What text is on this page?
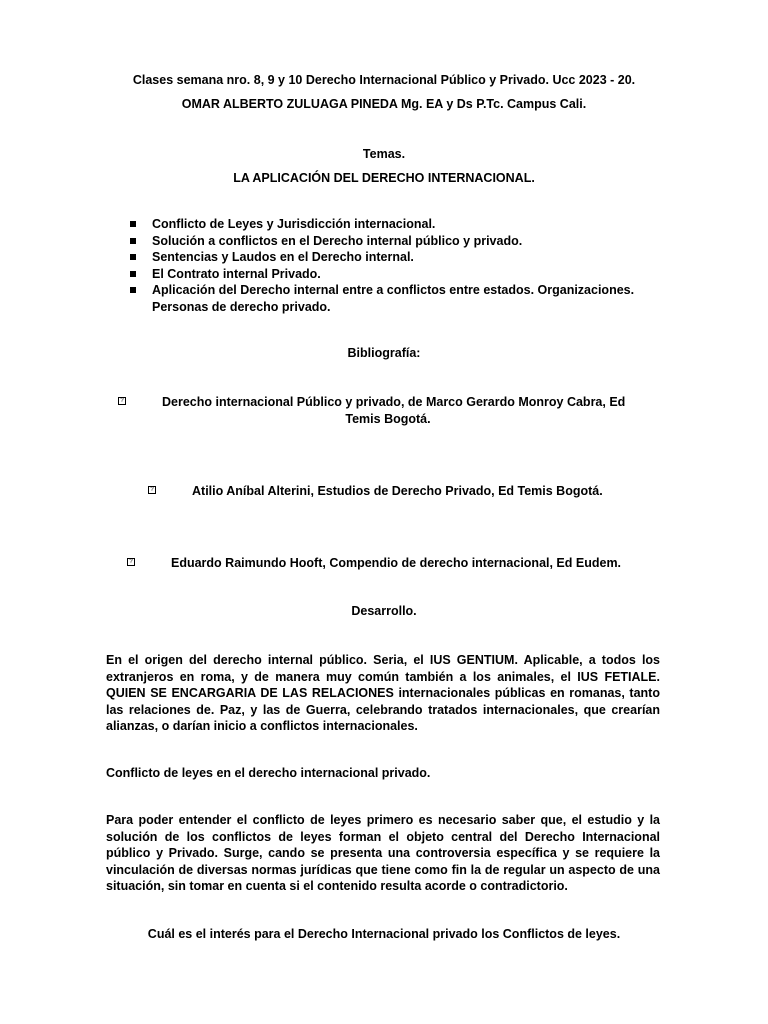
Clases semana nro. 8, 9 y 10 Derecho Internacional Público y Privado. Ucc 2023 - 20.
OMAR ALBERTO ZULUAGA PINEDA Mg. EA y Ds P.Tc. Campus Cali.
Temas.
LA APLICACIÓN DEL DERECHO INTERNACIONAL.
Conflicto de Leyes y Jurisdicción internacional.
Solución a conflictos en el Derecho internal público y privado.
Sentencias y Laudos en el Derecho internal.
El Contrato internal Privado.
Aplicación del Derecho internal entre a conflictos entre estados. Organizaciones. Personas de derecho privado.
Bibliografía:
?	Derecho internacional Público y privado, de Marco Gerardo Monroy Cabra, Ed
Temis Bogotá.
?	Atilio Aníbal Alterini, Estudios de Derecho Privado, Ed Temis Bogotá.
?	Eduardo Raimundo Hooft, Compendio de derecho internacional, Ed Eudem.
Desarrollo.

En el origen del derecho internal público. Seria, el IUS GENTIUM. Aplicable, a todos los extranjeros en roma, y de manera muy común también a los animales, el IUS FETIALE. QUIEN SE ENCARGARIA DE LAS RELACIONES internacionales públicas en romanas, tanto las relaciones de. Paz, y las de Guerra, celebrando tratados internacionales, que crearían alianzas, o darían inicio a conflictos internacionales.

Conflicto de leyes en el derecho internacional privado.

Para poder entender el conflicto de leyes primero es necesario saber que, el estudio y la solución de los conflictos de leyes forman el objeto central del Derecho Internacional público y Privado. Surge, cando se presenta una controversia específica y se requiere la vinculación de diversas normas jurídicas que tiene como fin la de regular un aspecto de una situación, sin tomar en cuenta si el contenido resulta acorde o contradictorio.

Cuál es el interés para el Derecho Internacional privado los Conflictos de leyes.
